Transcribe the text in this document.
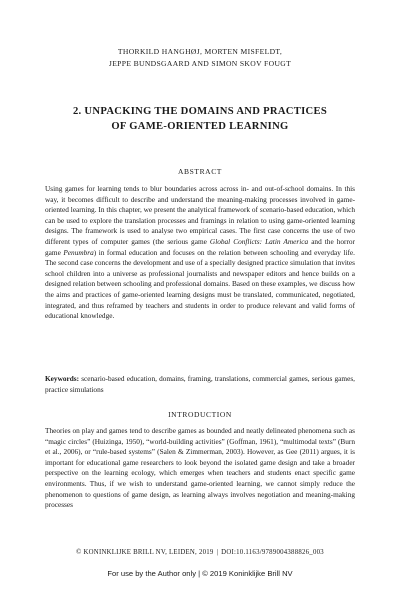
THORKILD HANGHØJ, MORTEN MISFELDT,
JEPPE BUNDSGAARD AND SIMON SKOV FOUGT
2. UNPACKING THE DOMAINS AND PRACTICES
OF GAME-ORIENTED LEARNING
ABSTRACT

Using games for learning tends to blur boundaries across across in- and out-of-school domains. In this way, it becomes difficult to describe and understand the meaning-making processes involved in game-oriented learning. In this chapter, we present the analytical framework of scenario-based education, which can be used to explore the translation processes and framings in relation to using game-oriented learning designs. The framework is used to analyse two empirical cases. The first case concerns the use of two different types of computer games (the serious game Global Conflicts: Latin America and the horror game Penumbra) in formal education and focuses on the relation between schooling and everyday life. The second case concerns the development and use of a specially designed practice simulation that invites school children into a universe as professional journalists and newspaper editors and hence builds on a designed relation between schooling and professional domains. Based on these examples, we discuss how the aims and practices of game-oriented learning designs must be translated, communicated, negotiated, integrated, and thus reframed by teachers and students in order to produce relevant and valid forms of educational knowledge.

Keywords: scenario-based education, domains, framing, translations, commercial games, serious games, practice simulations
INTRODUCTION

Theories on play and games tend to describe games as bounded and neatly delineated phenomena such as “magic circles” (Huizinga, 1950), “world-building activities” (Goffman, 1961), “multimodal texts” (Burn et al., 2006), or “rule-based systems” (Salen & Zimmerman, 2003). However, as Gee (2011) argues, it is important for educational game researchers to look beyond the isolated game design and take a broader perspective on the learning ecology, which emerges when teachers and students enact specific game environments. Thus, if we wish to understand game-oriented learning, we cannot simply reduce the phenomenon to questions of game design, as learning always involves negotiation and meaning-making processes

© KONINKLIJKE BRILL NV, LEIDEN, 2019 | DOI:10.1163/9789004388826_003
For use by the Author only | © 2019 Koninklijke Brill NV
